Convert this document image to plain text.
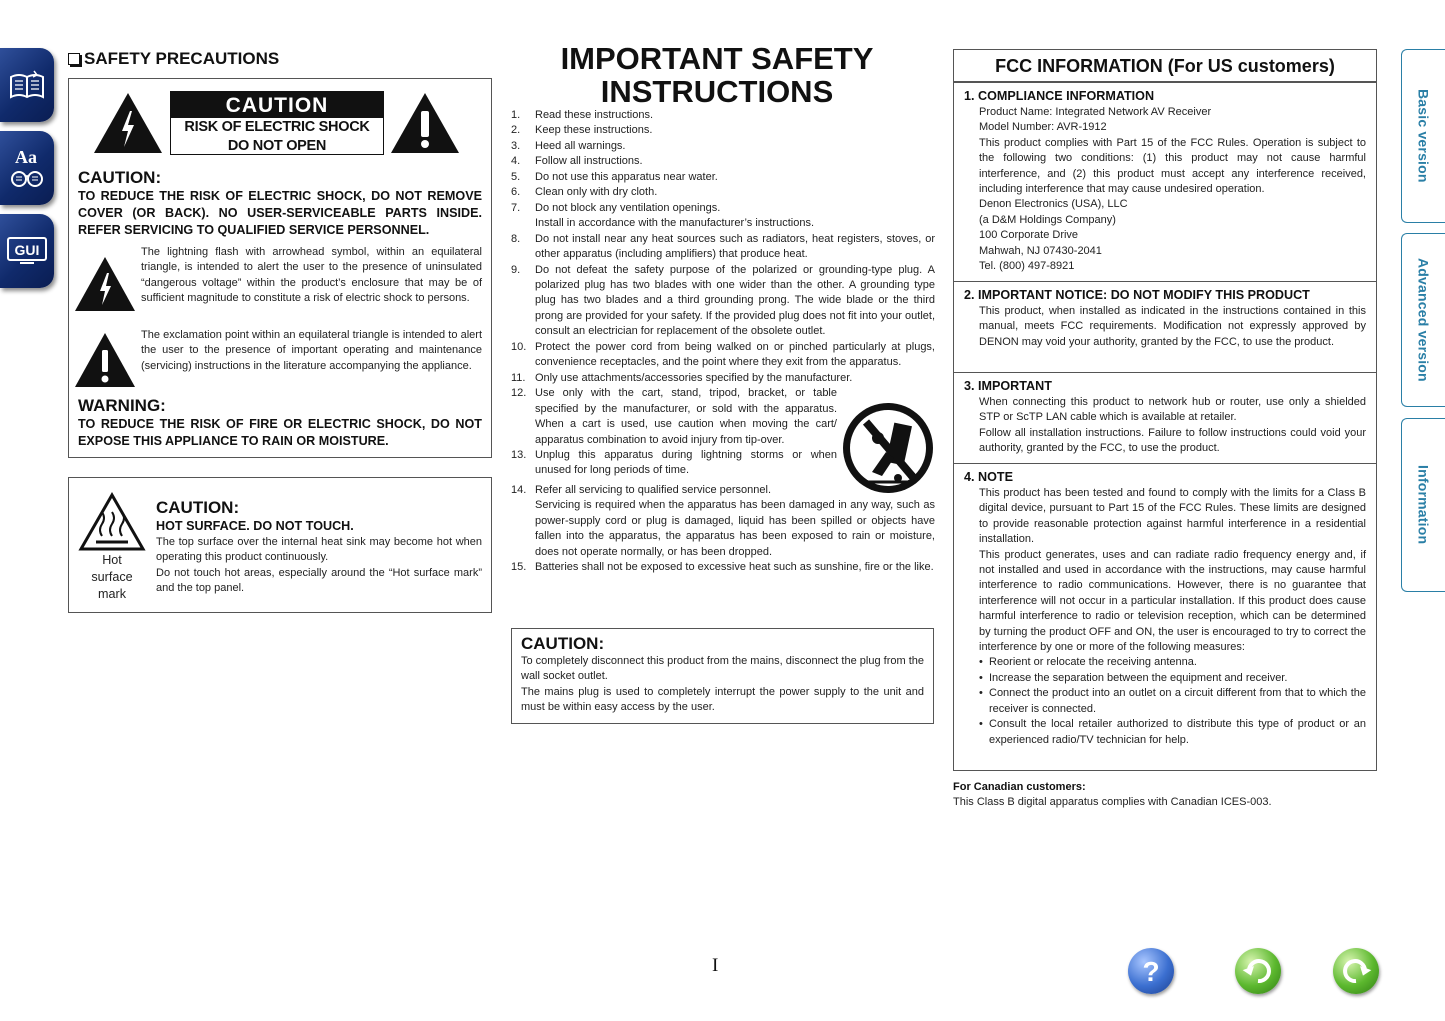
Aa
GUI
Basic version
Advanced version
Information
SAFETY PRECAUTIONS
CAUTION
RISK OF ELECTRIC SHOCK
DO NOT OPEN
CAUTION:
TO REDUCE THE RISK OF ELECTRIC SHOCK, DO NOT REMOVE COVER (OR BACK). NO USER-SERVICEABLE PARTS INSIDE. REFER SERVICING TO QUALIFIED SERVICE PERSONNEL.
The lightning flash with arrowhead symbol, within an equilateral triangle, is intended to alert the user to the presence of uninsulated “dangerous voltage” within the product’s enclosure that may be of sufficient magnitude to constitute a risk of electric shock to persons.
The exclamation point within an equilateral triangle is intended to alert the user to the presence of important operating and maintenance (servicing) instructions in the literature accompanying the appliance.
WARNING:
TO REDUCE THE RISK OF FIRE OR ELECTRIC SHOCK, DO NOT EXPOSE THIS APPLIANCE TO RAIN OR MOISTURE.
Hot
surface
mark
CAUTION:
HOT SURFACE. DO NOT TOUCH.
The top surface over the internal heat sink may become hot when operating this product continuously.
Do not touch hot areas, especially around the “Hot surface mark” and the top panel.
IMPORTANT SAFETY
INSTRUCTIONS
1.	Read these instructions.
2.	Keep these instructions.
3.	Heed all warnings.
4.	Follow all instructions.
5.	Do not use this apparatus near water.
6.	Clean only with dry cloth.
7.	Do not block any ventilation openings.
Install in accordance with the manufacturer’s instructions.
8.	Do not install near any heat sources such as radiators, heat registers, stoves, or other apparatus (including amplifiers) that produce heat.
9.	Do not defeat the safety purpose of the polarized or grounding-type plug. A polarized plug has two blades with one wider than the other. A grounding type plug has two blades and a third grounding prong. The wide blade or the third prong are provided for your safety. If the provided plug does not fit into your outlet, consult an electrician for replacement of the obsolete outlet.
10. Protect the power cord from being walked on or pinched particularly at plugs, convenience receptacles, and the point where they exit from the apparatus.
11. Only use attachments/accessories specified by the manufacturer.
12. Use only with the cart, stand, tripod, bracket, or table specified by the manufacturer, or sold with the apparatus. When a cart is used, use caution when moving the cart/ apparatus combination to avoid injury from tip-over.
13. Unplug this apparatus during lightning storms or when unused for long periods of time.
14. Refer all servicing to qualified service personnel.
Servicing is required when the apparatus has been damaged in any way, such as power-supply cord or plug is damaged, liquid has been spilled or objects have fallen into the apparatus, the apparatus has been exposed to rain or moisture, does not operate normally, or has been dropped.
15. Batteries shall not be exposed to excessive heat such as sunshine, fire or the like.
CAUTION:
To completely disconnect this product from the mains, disconnect the plug from the wall socket outlet.
The mains plug is used to completely interrupt the power supply to the unit and must be within easy access by the user.
FCC INFORMATION (For US customers)
1. COMPLIANCE INFORMATION
Product Name: Integrated Network AV Receiver
Model Number: AVR-1912
This product complies with Part 15 of the FCC Rules. Operation is subject to the following two conditions: (1) this product may not cause harmful interference, and (2) this product must accept any interference received, including interference that may cause undesired operation.
Denon Electronics (USA), LLC
(a D&M Holdings Company)
100 Corporate Drive
Mahwah, NJ 07430-2041
Tel. (800) 497-8921
2. IMPORTANT NOTICE: DO NOT MODIFY THIS PRODUCT
This product, when installed as indicated in the instructions contained in this manual, meets FCC requirements. Modification not expressly approved by DENON may void your authority, granted by the FCC, to use the product.
3. IMPORTANT
When connecting this product to network hub or router, use only a shielded STP or ScTP LAN cable which is available at retailer.
Follow all installation instructions. Failure to follow instructions could void your authority, granted by the FCC, to use the product.
4. NOTE
This product has been tested and found to comply with the limits for a Class B digital device, pursuant to Part 15 of the FCC Rules. These limits are designed to provide reasonable protection against harmful interference in a residential installation.
This product generates, uses and can radiate radio frequency energy and, if not installed and used in accordance with the instructions, may cause harmful interference to radio communications. However, there is no guarantee that interference will not occur in a particular installation. If this product does cause harmful interference to radio or television reception, which can be determined by turning the product OFF and ON, the user is encouraged to try to correct the interference by one or more of the following measures:
• Reorient or relocate the receiving antenna.
• Increase the separation between the equipment and receiver.
• Connect the product into an outlet on a circuit different from that to which the receiver is connected.
• Consult the local retailer authorized to distribute this type of product or an experienced radio/TV technician for help.
For Canadian customers:
This Class B digital apparatus complies with Canadian ICES-003.
I	?
